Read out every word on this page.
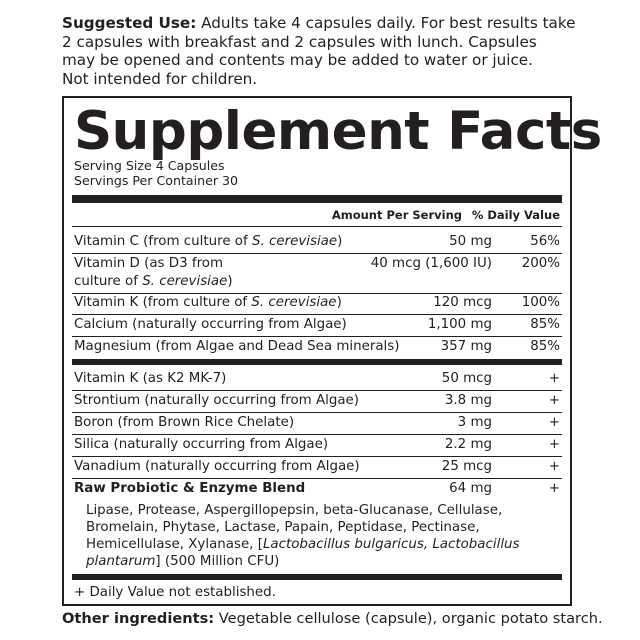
Suggested Use: Adults take 4 capsules daily. For best results take
2 capsules with breakfast and 2 capsules with lunch. Capsules
may be opened and contents may be added to water or juice.
Not intended for children.
Supplement Facts
Serving Size 4 Capsules
Servings Per Container 30
Amount Per Serving % Daily Value
Vitamin C (from culture of S. cerevisiae)	50 mg	56%
Vitamin D (as D3 from	40 mcg (1,600 IU) 200%
culture of S. cerevisiae)
Vitamin K (from culture of S. cerevisiae)	120 mcg 100%
Calcium (naturally occurring from Algae)	1,100 mg	85%
Magnesium (from Algae and Dead Sea minerals)	357 mg	85%
Vitamin K (as K2 MK-7)	50 mcg	+
Strontium (naturally occurring from Algae)	3.8 mg	+
Boron (from Brown Rice Chelate)	3 mg	+
Silica (naturally occurring from Algae)	2.2 mg	+
Vanadium (naturally occurring from Algae)	25 mcg	+
Raw Probiotic & Enzyme Blend	64 mg	+
Lipase, Protease, Aspergillopepsin, beta-Glucanase, Cellulase,
Bromelain, Phytase, Lactase, Papain, Peptidase, Pectinase,
Hemicellulase, Xylanase, [Lactobacillus bulgaricus, Lactobacillus
plantarum] (500 Million CFU)
+ Daily Value not established.
Other ingredients: Vegetable cellulose (capsule), organic potato starch.
